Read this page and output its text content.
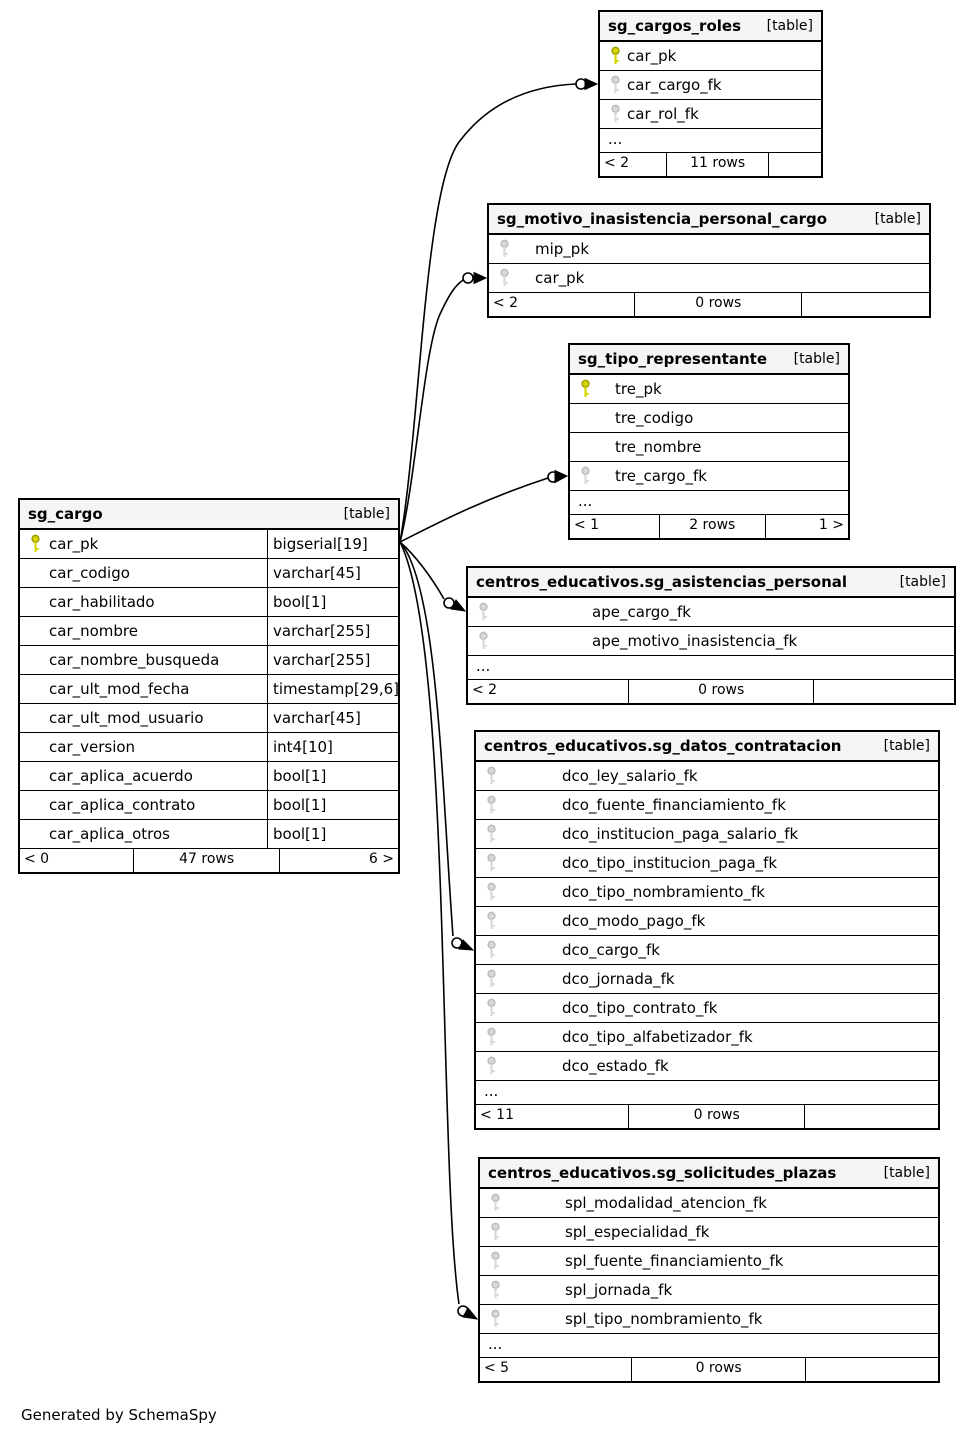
sg_cargos_roles [table]
car_pk
car_cargo_fk
car_rol_fk
...
< 2	11 rows
sg_motivo_inasistencia_personal_cargo	[table]
mip_pk
car_pk
< 2	0 rows
sg_tipo_representante [table]
tre_pk
tre_codigo
tre_nombre
tre_cargo_fk
...
< 1	2 rows	1 >
sg_cargo	[table]
car_pk	bigserial[19]
car_codigo	varchar[45]
car_habilitado	bool[1]
car_nombre	varchar[255]
car_nombre_busqueda	varchar[255]
car_ult_mod_fecha	timestamp[29,6]
car_ult_mod_usuario	varchar[45]
car_version	int4[10]
car_aplica_acuerdo	bool[1]
car_aplica_contrato	bool[1]
car_aplica_otros	bool[1]
< 0	47 rows	6 >
centros_educativos.sg_asistencias_personal	[table]
ape_cargo_fk
ape_motivo_inasistencia_fk
...
< 2	0 rows
centros_educativos.sg_datos_contratacion	[table]
dco_ley_salario_fk
dco_fuente_financiamiento_fk
dco_institucion_paga_salario_fk
dco_tipo_institucion_paga_fk
dco_tipo_nombramiento_fk
dco_modo_pago_fk
dco_cargo_fk
dco_jornada_fk
dco_tipo_contrato_fk
dco_tipo_alfabetizador_fk
dco_estado_fk
...
< 11	0 rows
centros_educativos.sg_solicitudes_plazas	[table]
spl_modalidad_atencion_fk
spl_especialidad_fk
spl_fuente_financiamiento_fk
spl_jornada_fk
spl_tipo_nombramiento_fk
...
< 5	0 rows
Generated by SchemaSpy
